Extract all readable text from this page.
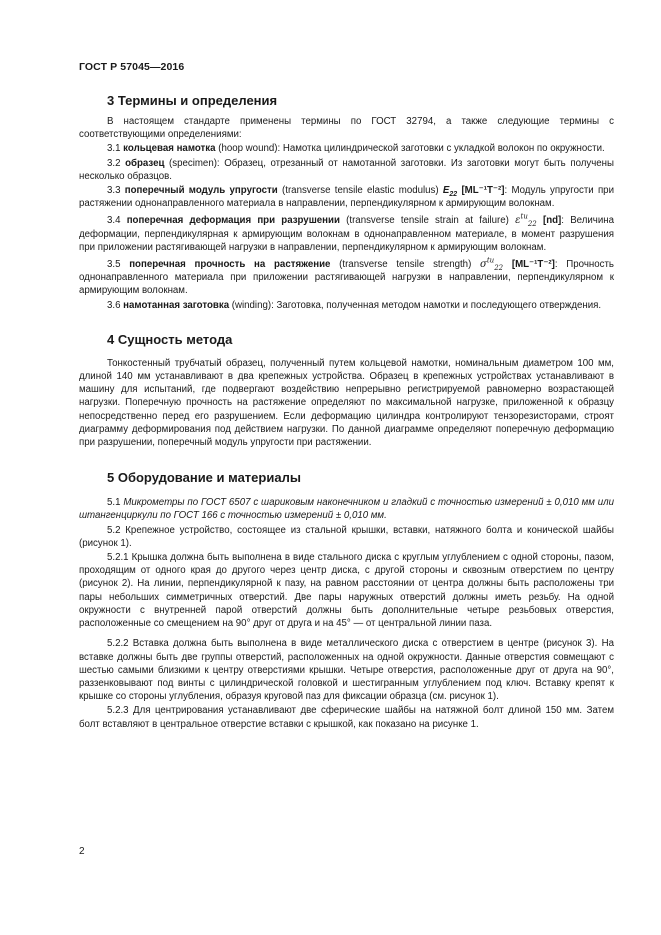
ГОСТ Р 57045—2016
3 Термины и определения

В настоящем стандарте применены термины по ГОСТ 32794, а также следующие термины с соответствующими определениями:

3.1 кольцевая намотка (hoop wound): Намотка цилиндрической заготовки с укладкой волокон по окружности.

3.2 образец (specimen): Образец, отрезанный от намотанной заготовки. Из заготовки могут быть получены несколько образцов.

3.3 поперечный модуль упругости (transverse tensile elastic modulus) $E_{22}$ [ML⁻¹T⁻²]: Модуль упругости при растяжении однонаправленного материала в направлении, перпендикулярном к армирующим волокнам.

3.4 поперечная деформация при разрушении (transverse tensile strain at failure) $\varepsilon^{tu}_{22}$ [nd]: Величина деформации, перпендикулярная к армирующим волокнам в однонаправленном материале, в момент разрушения при приложении растягивающей нагрузки в направлении, перпендикулярном к армирующим волокнам.

3.5 поперечная прочность на растяжение (transverse tensile strength) $\sigma^{tu}_{22}$ [ML⁻¹T⁻²]: Прочность однонаправленного материала при приложении растягивающей нагрузки в направлении, перпендикулярном к армирующим волокнам.

3.6 намотанная заготовка (winding): Заготовка, полученная методом намотки и последующего отверждения.

4 Сущность метода

Тонкостенный трубчатый образец, полученный путем кольцевой намотки, номинальным диаметром 100 мм, длиной 140 мм устанавливают в два крепежных устройства. Образец в крепежных устройствах устанавливают в машину для испытаний, где подвергают воздействию непрерывно регистрируемой равномерно возрастающей нагрузки. Поперечную прочность на растяжение определяют по максимальной нагрузке, приложенной к образцу непосредственно перед его разрушением. Если деформацию цилиндра контролируют тензорезисторами, строят диаграмму деформирования под действием нагрузки. По данной диаграмме определяют поперечную деформацию при разрушении, поперечный модуль упругости при растяжении.

5 Оборудование и материалы

5.1 Микрометры по ГОСТ 6507 с шариковым наконечником и гладкий с точностью измерений ± 0,010 мм или штангенциркули по ГОСТ 166 с точностью измерений ± 0,010 мм.

5.2 Крепежное устройство, состоящее из стальной крышки, вставки, натяжного болта и конической шайбы (рисунок 1).

5.2.1 Крышка должна быть выполнена в виде стального диска с круглым углублением с одной стороны, пазом, проходящим от одного края до другого через центр диска, с другой стороны и сквозным отверстием по центру (рисунок 2). На линии, перпендикулярной к пазу, на равном расстоянии от центра должны быть расположены три пары небольших симметричных отверстий. Две пары наружных отверстий должны иметь резьбу. На одной окружности с внутренней парой отверстий должны быть дополнительные четыре резьбовых отверстия, расположенные со смещением на 90° друг от друга и на 45° — от центральной линии паза.

5.2.2 Вставка должна быть выполнена в виде металлического диска с отверстием в центре (рисунок 3). На вставке должны быть две группы отверстий, расположенных на одной окружности. Данные отверстия совмещают с шестью самыми близкими к центру отверстиями крышки. Четыре отверстия, расположенные друг от друга на 90°, раззенковывают под винты с цилиндрической головкой и шестигранным углублением под ключ. Вставку крепят к крышке со стороны углубления, образуя круговой паз для фиксации образца (см. рисунок 1).

5.2.3 Для центрирования устанавливают две сферические шайбы на натяжной болт длиной 150 мм. Затем болт вставляют в центральное отверстие вставки с крышкой, как показано на рисунке 1.

2
